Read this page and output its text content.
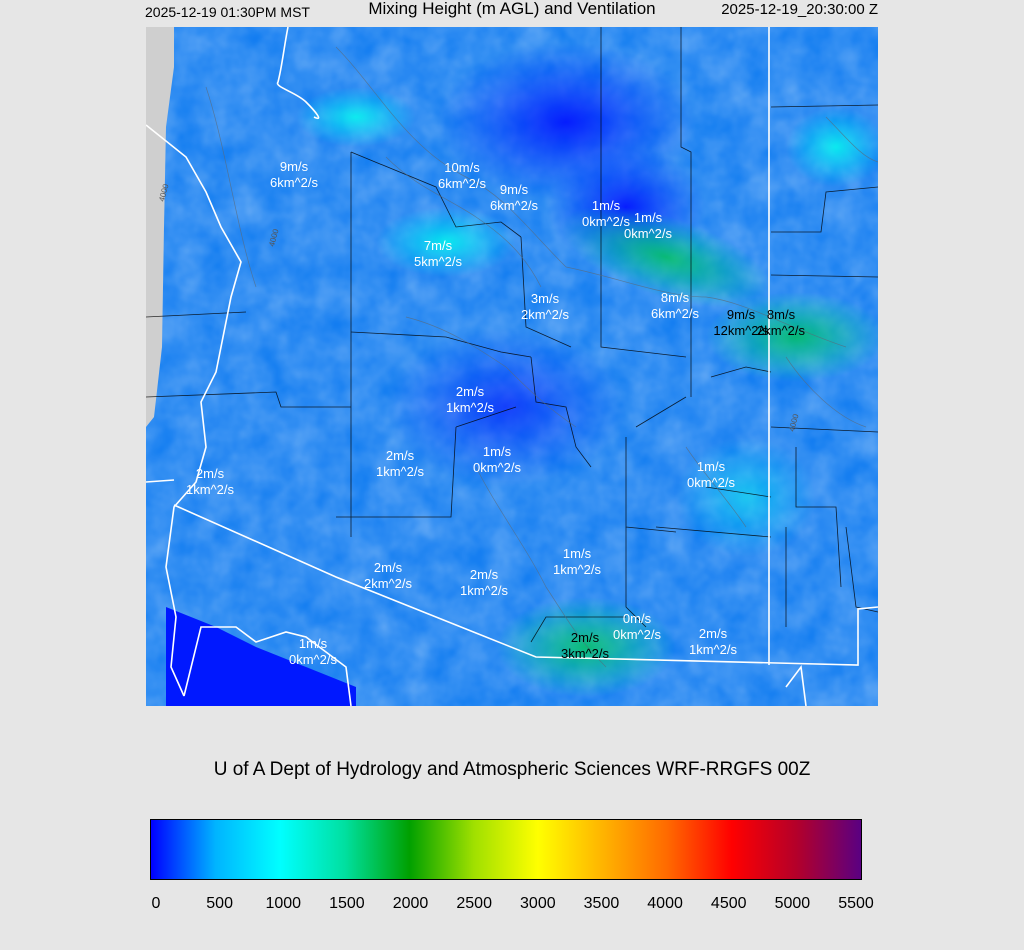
2025-12-19 01:30PM MST	Mixing Height (m AGL) and Ventilation	2025-12-19_20:30:00 Z
4000
4000
4000
9m/s
6km^2/s
10m/s
6km^2/s	9m/s
6km^2/s	1m/s
0km^2/s 1m/s
0km^2/s
7m/s
5km^2/s
3m/s
2km^2/s
8m/s
6km^2/s	9m/s
12km^2/s
8m/s
2km^2/s
2m/s
1km^2/s
1m/s
0km^2/s
2m/s
1km^2/s	1m/s
0km^2/s
2m/s
1km^2/s
1m/s
1km^2/s
2m/s
2km^2/s
2m/s
1km^2/s
0m/s
0km^2/s
2m/s
3km^2/s
2m/s
1km^2/s
1m/s
0km^2/s
U of A Dept of Hydrology and Atmospheric Sciences WRF-RRGFS 00Z
0	500 1000 1500 2000 2500 3000 3500 4000 4500 5000 5500
